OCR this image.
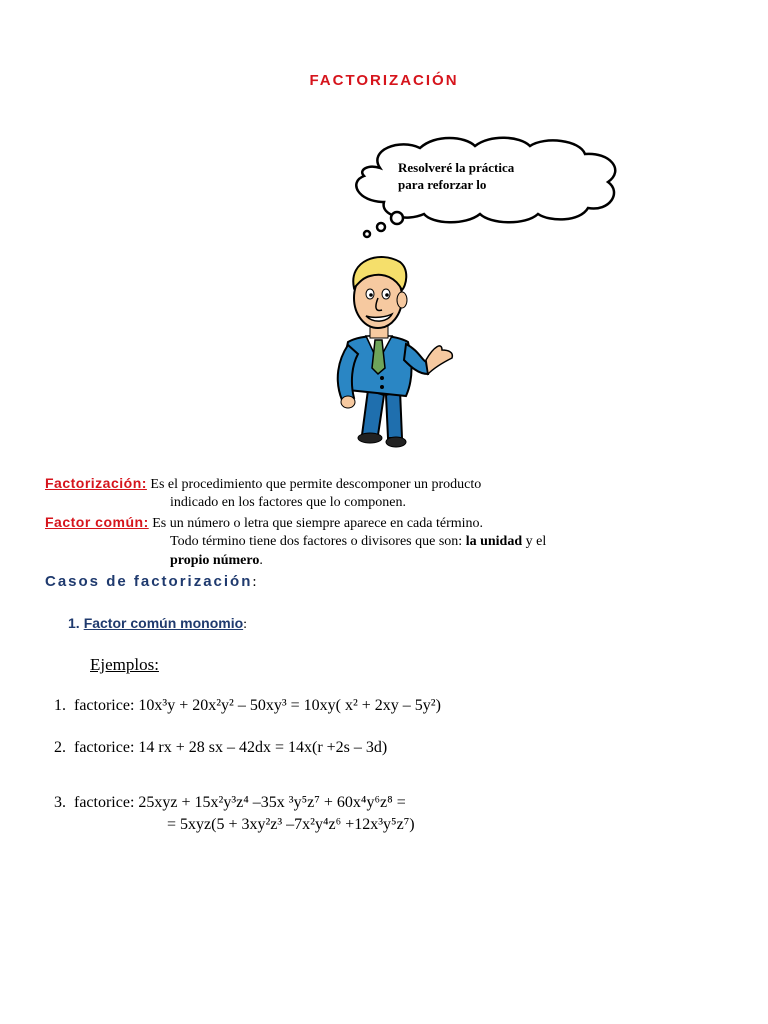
FACTORIZACIÓN
Resolveré la práctica
para reforzar lo
Factorización: Es el procedimiento que permite descomponer un producto
indicado en los factores que lo componen.
Factor común: Es un número o letra que siempre aparece en cada término.
Todo término tiene dos factores o divisores que son: la unidad y el
propio número.
Casos de factorización:
1. Factor común monomio:
Ejemplos:
1. factorice: 10x³y + 20x²y² – 50xy³ = 10xy( x² + 2xy – 5y²)
2. factorice: 14 rx + 28 sx – 42dx = 14x(r +2s – 3d)
3. factorice: 25xyz + 15x²y³z⁴ –35x ³y⁵z⁷ + 60x⁴y⁶z⁸ =
= 5xyz(5 + 3xy²z³ –7x²y⁴z⁶ +12x³y⁵z⁷)
